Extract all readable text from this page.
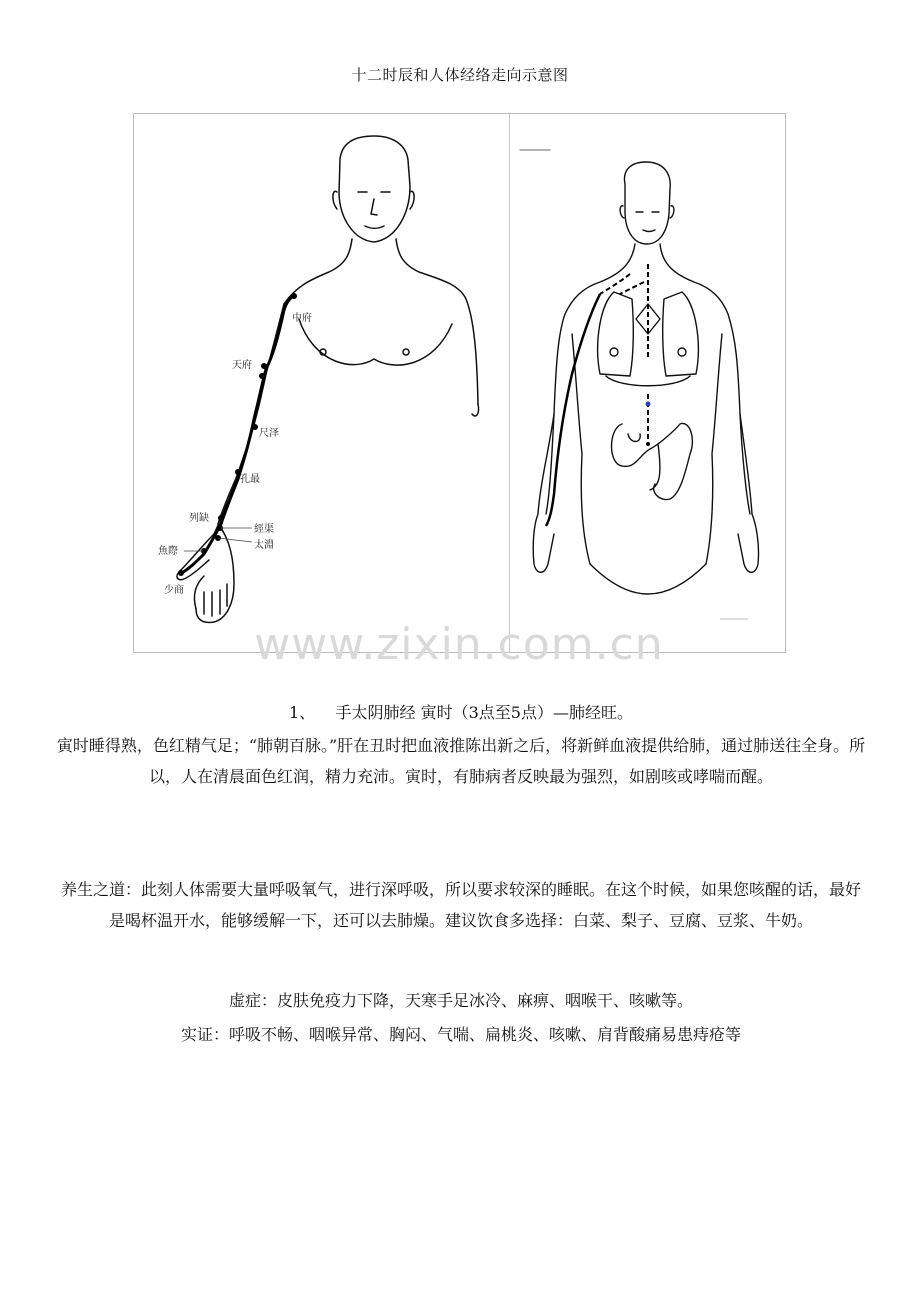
十二时辰和人体经络走向示意图
中府
天府
尺泽
孔最
列缺
經渠
太淵
魚際
少商
www.zixin.com.cn
1、 手太阴肺经 寅时（3点至5点）—肺经旺。
寅时睡得熟，色红精气足；“肺朝百脉。”肝在丑时把血液推陈出新之后，将新鲜血液提供给肺，通过肺送往全身。所以，人在清晨面色红润，精力充沛。寅时，有肺病者反映最为强烈，如剧咳或哮喘而醒。
养生之道：此刻人体需要大量呼吸氧气，进行深呼吸，所以要求较深的睡眠。在这个时候，如果您咳醒的话，最好是喝杯温开水，能够缓解一下，还可以去肺燥。建议饮食多选择：白菜、梨子、豆腐、豆浆、牛奶。
虚症：皮肤免疫力下降，天寒手足冰冷、麻痹、咽喉干、咳嗽等。
实证：呼吸不畅、咽喉异常、胸闷、气喘、扁桃炎、咳嗽、肩背酸痛易患痔疮等
